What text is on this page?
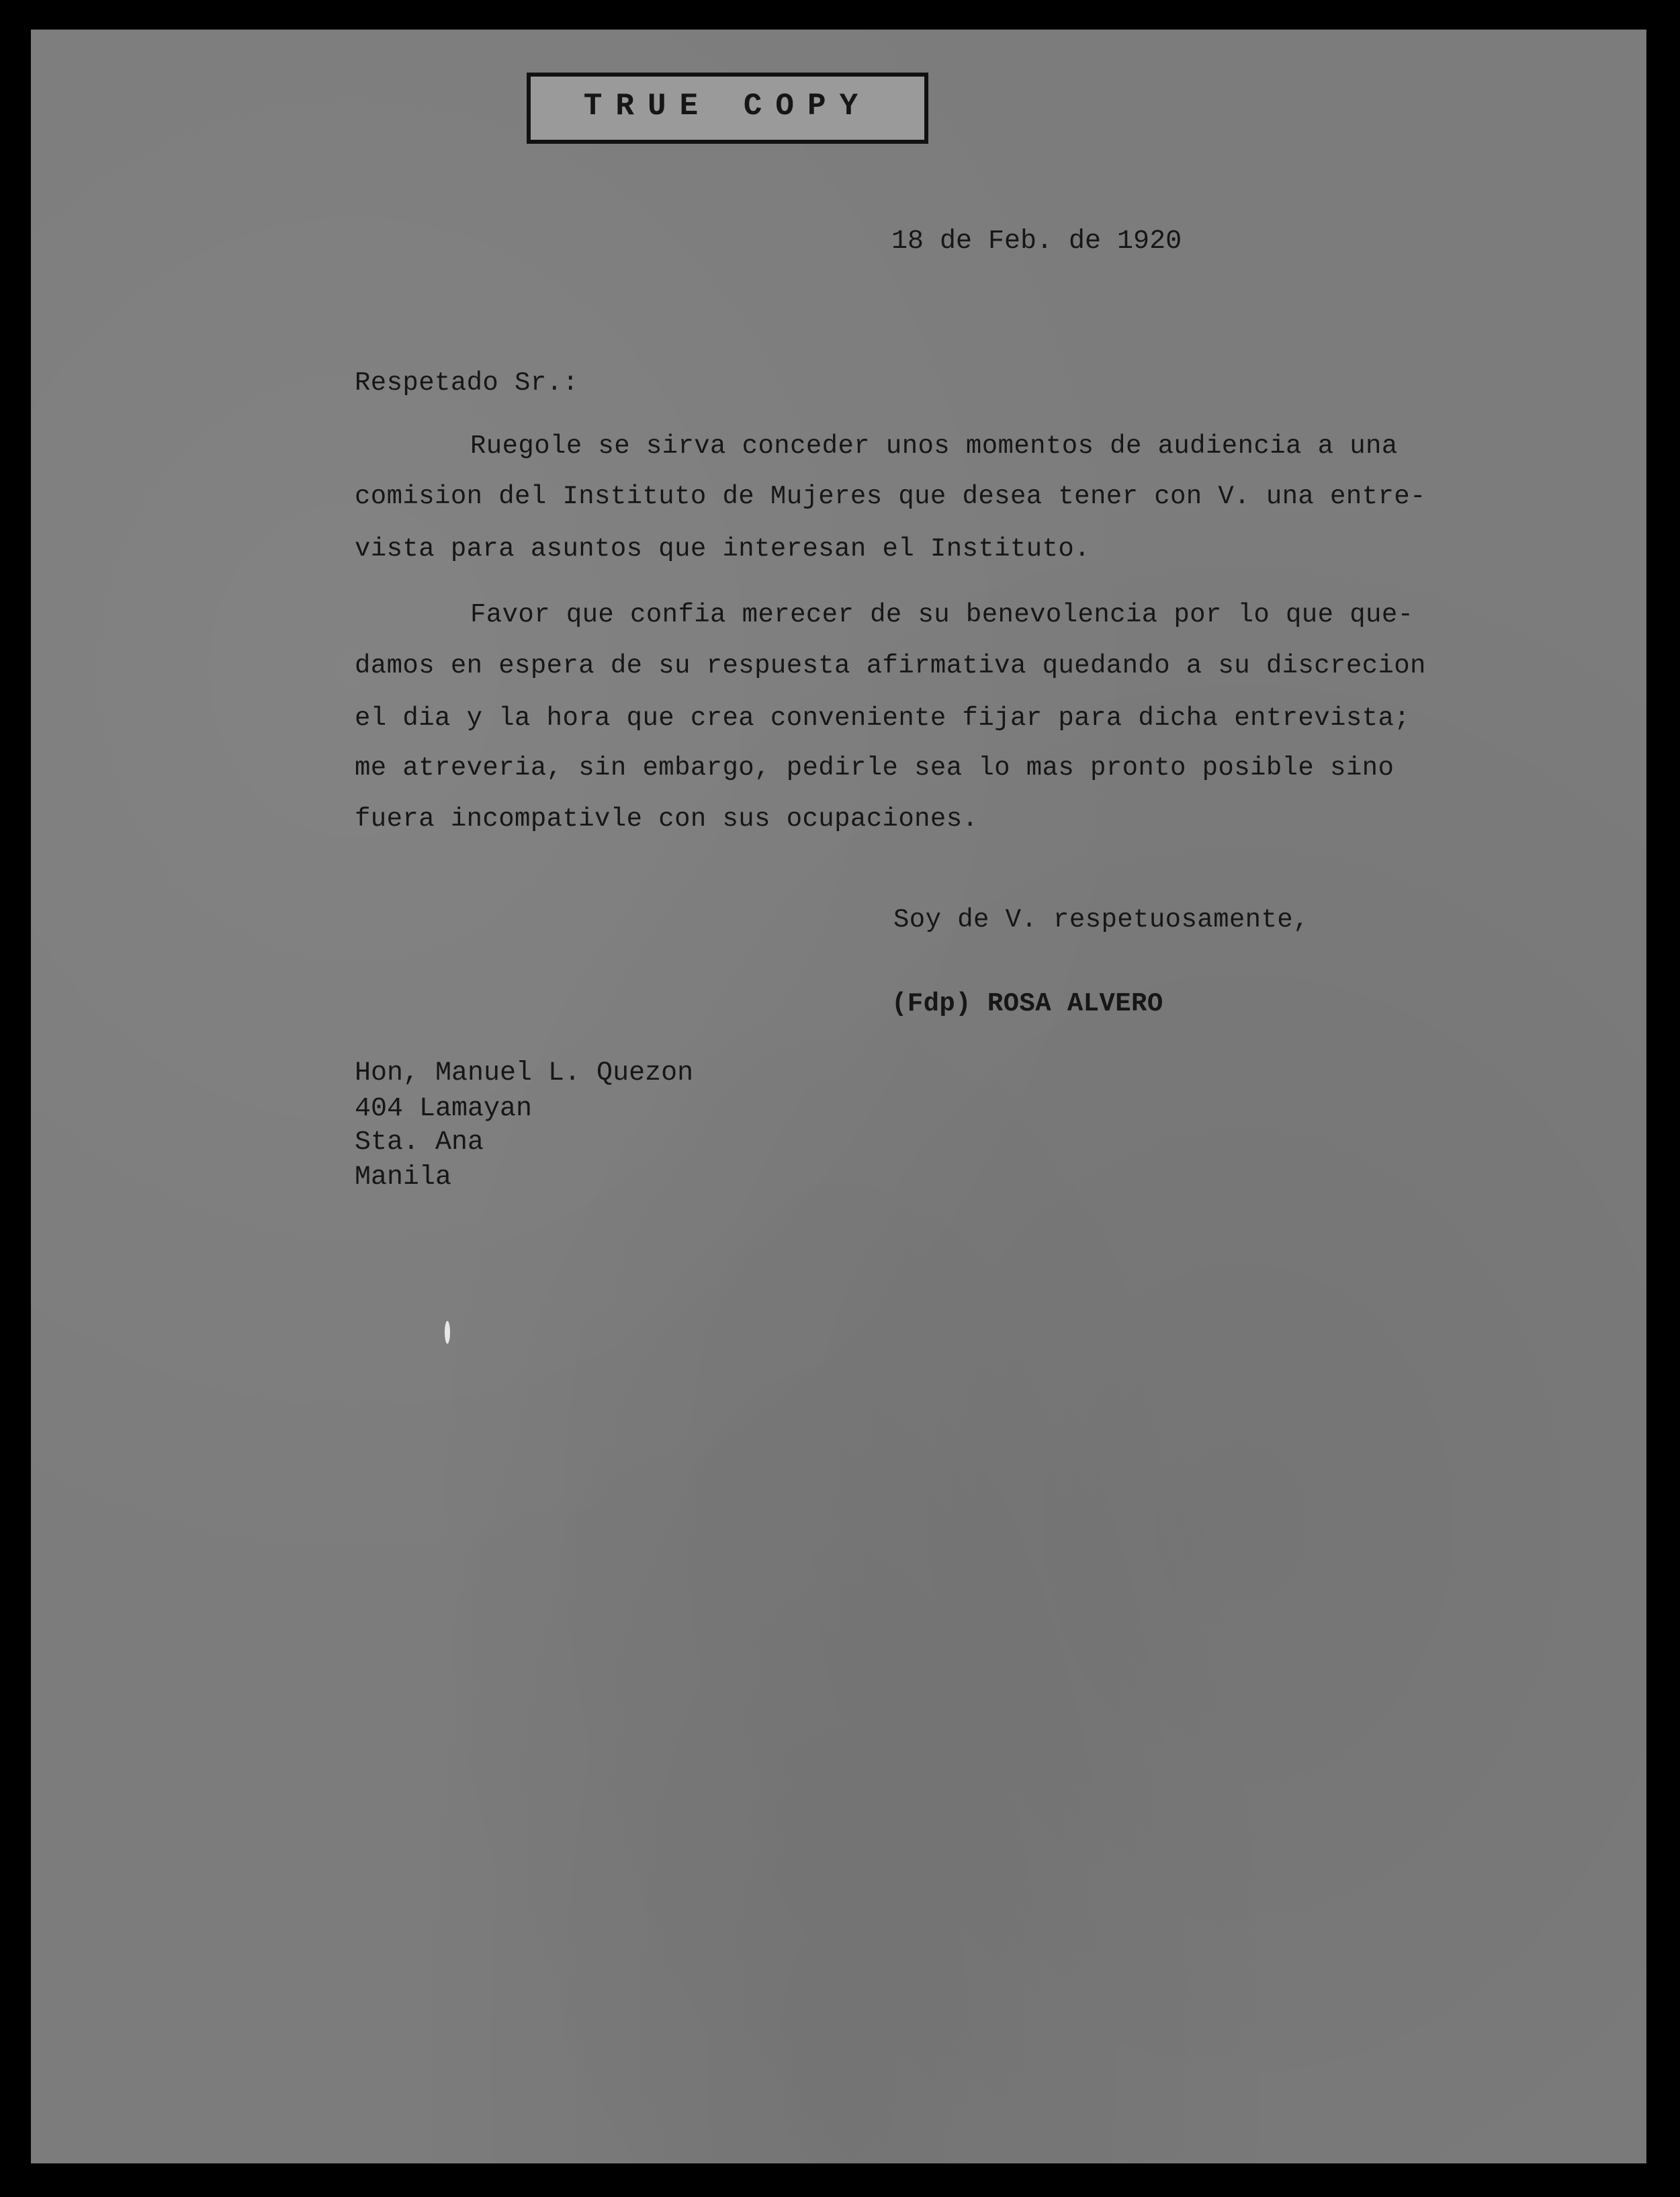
TRUE COPY
18 de Feb. de 1920
Respetado Sr.:
Ruegole se sirva conceder unos momentos de audiencia a una
comision del Instituto de Mujeres que desea tener con V. una entre-
vista para asuntos que interesan el Instituto.
Favor que confia merecer de su benevolencia por lo que que-
damos en espera de su respuesta afirmativa quedando a su discrecion
el dia y la hora que crea conveniente fijar para dicha entrevista;
me atreveria, sin embargo, pedirle sea lo mas pronto posible sino
fuera incompativle con sus ocupaciones.
Soy de V. respetuosamente,
(Fdp) ROSA ALVERO
Hon, Manuel L. Quezon
404 Lamayan
Sta. Ana
Manila
